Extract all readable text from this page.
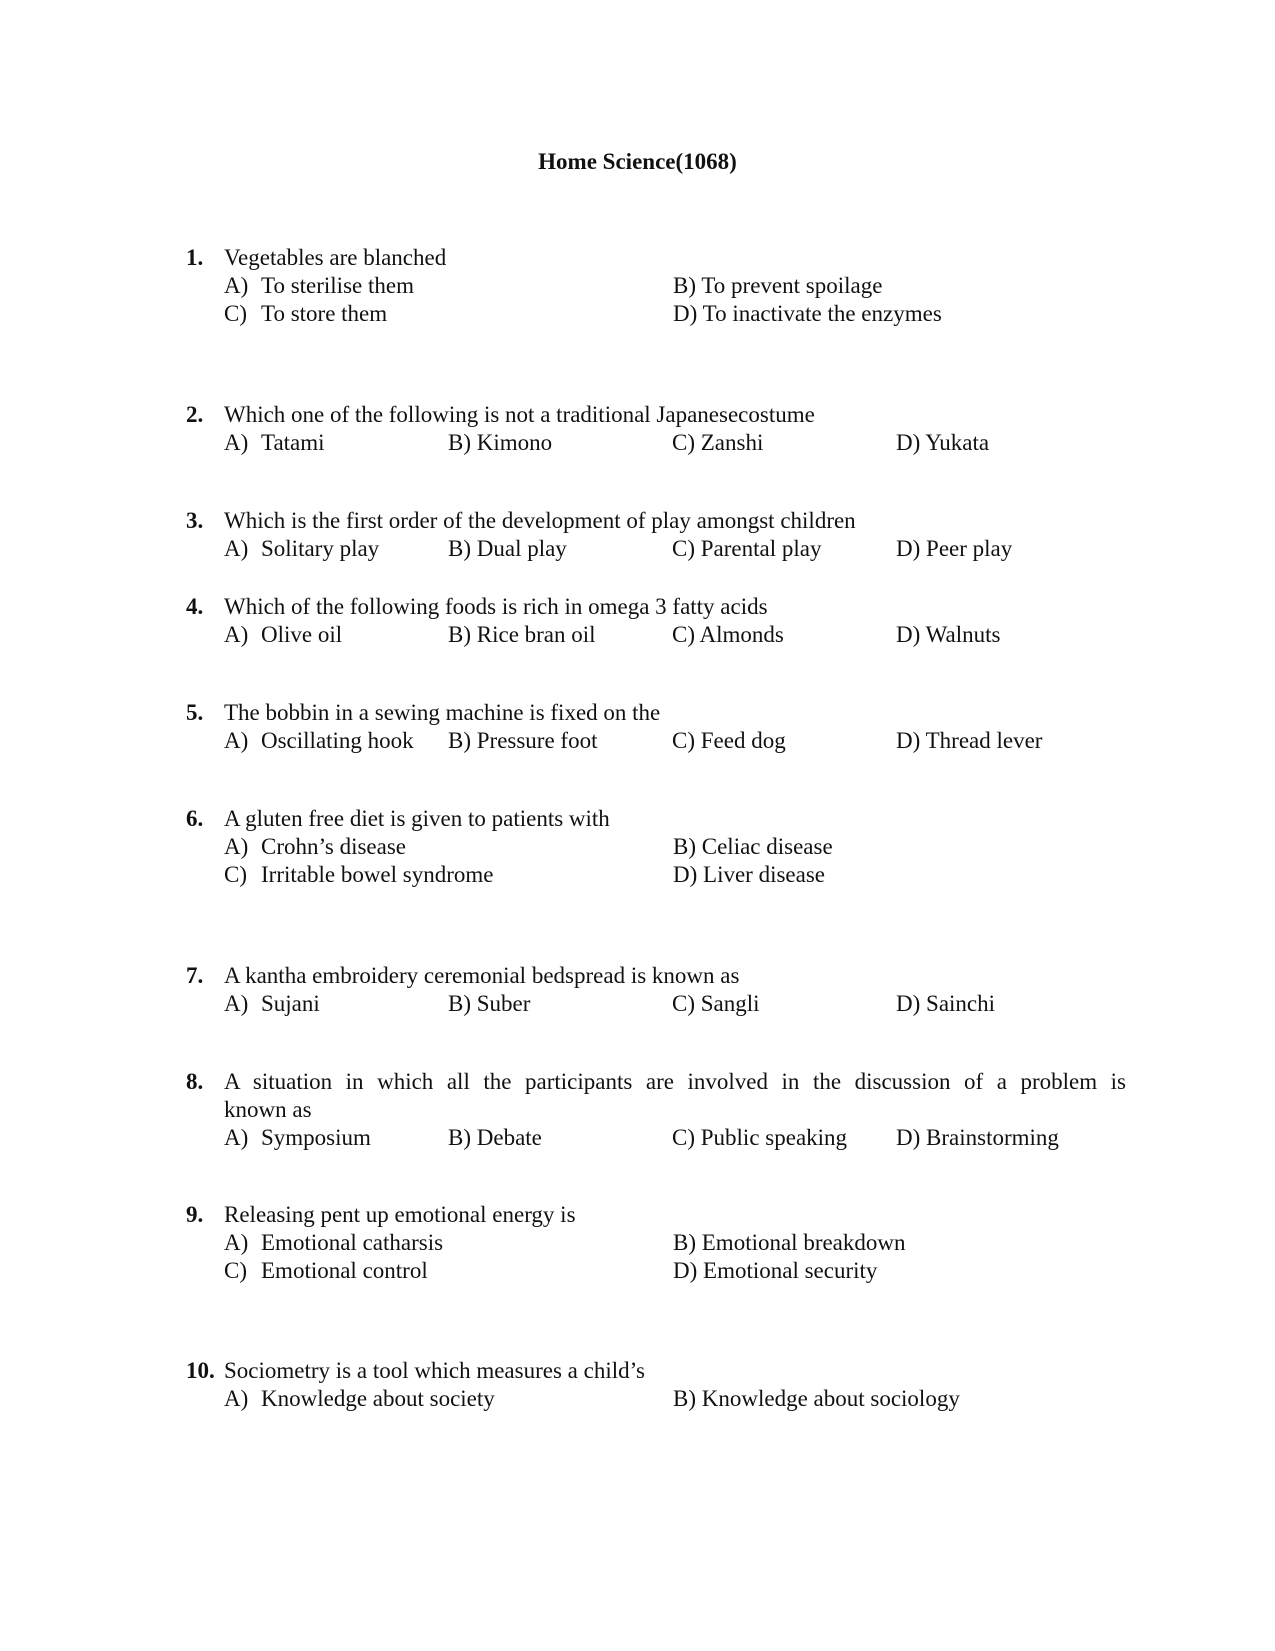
Home Science(1068)
1. Vegetables are blanched
A) To sterilise them	B) To prevent spoilage
C) To store them	D) To inactivate the enzymes
2. Which one of the following is not a traditional Japanesecostume
A) Tatami	B) Kimono	C) Zanshi	D) Yukata
3. Which is the first order of the development of play amongst children
A) Solitary play	B) Dual play	C) Parental play	D) Peer play
4. Which of the following foods is rich in omega 3 fatty acids
A) Olive oil	B) Rice bran oil	C) Almonds	D) Walnuts
5. The bobbin in a sewing machine is fixed on the
A) Oscillating hook	B) Pressure foot	C) Feed dog	D) Thread lever
6. A gluten free diet is given to patients with
A) Crohn’s disease	B) Celiac disease
C) Irritable bowel syndrome	D) Liver disease
7. A kantha embroidery ceremonial bedspread is known as
A) Sujani	B) Suber	C) Sangli	D) Sainchi
8. A situation in which all the participants are involved in the discussion of a problem is
known as
A) Symposium	B) Debate	C) Public speaking	D) Brainstorming
9. Releasing pent up emotional energy is
A) Emotional catharsis	B) Emotional breakdown
C) Emotional control	D) Emotional security
10. Sociometry is a tool which measures a child’s
A) Knowledge about society	B) Knowledge about sociology
